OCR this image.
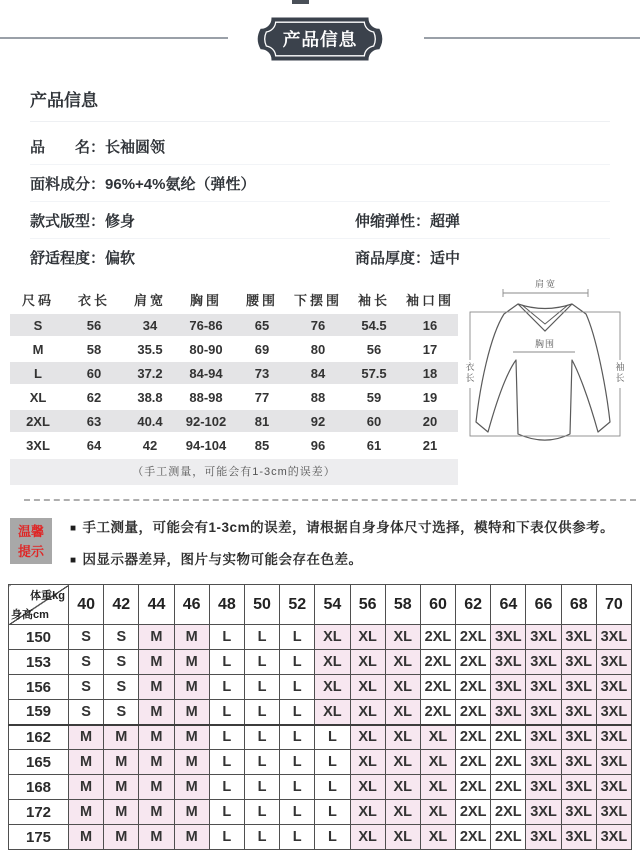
产品信息
产品信息
品　　名：长袖圆领
面料成分：96%+4%氨纶（弹性）
款式版型：修身	伸缩弹性：超弹
舒适程度：偏软	商品厚度：适中
尺码	衣长	肩宽	胸围	腰围	下摆围	袖长	袖口围
S	56	34	76-86	65	76	54.5	16
M	58	35.5	80-90	69	80	56	17
L	60	37.2	84-94	73	84	57.5	18
XL	62	38.8	88-98	77	88	59	19
2XL	63	40.4	92-102	81	92	60	20
3XL	64	42	94-104	85	96	61	21
（手工测量，可能会有1-3cm的误差）
肩宽
胸围
衣长
袖长
温馨
提示
■ 手工测量，可能会有1-3cm的误差，请根据自身身体尺寸选择，模特和下表仅供参考。
■ 因显示器差异，图片与实物可能会存在色差。
体重kg
身高cm	40	42	44	46	48	50	52	54	56	58	60	62	64	66	68	70
150	S	S	M	M	L	L	L	XL	XL	XL	2XL	2XL	3XL	3XL	3XL	3XL
153	S	S	M	M	L	L	L	XL	XL	XL	2XL	2XL	3XL	3XL	3XL	3XL
156	S	S	M	M	L	L	L	XL	XL	XL	2XL	2XL	3XL	3XL	3XL	3XL
159	S	S	M	M	L	L	L	XL	XL	XL	2XL	2XL	3XL	3XL	3XL	3XL
162	M	M	M	M	L	L	L	L	XL	XL	XL	2XL	2XL	3XL	3XL	3XL
165	M	M	M	M	L	L	L	L	XL	XL	XL	2XL	2XL	3XL	3XL	3XL
168	M	M	M	M	L	L	L	L	XL	XL	XL	2XL	2XL	3XL	3XL	3XL
172	M	M	M	M	L	L	L	L	XL	XL	XL	2XL	2XL	3XL	3XL	3XL
175	M	M	M	M	L	L	L	L	XL	XL	XL	2XL	2XL	3XL	3XL	3XL
